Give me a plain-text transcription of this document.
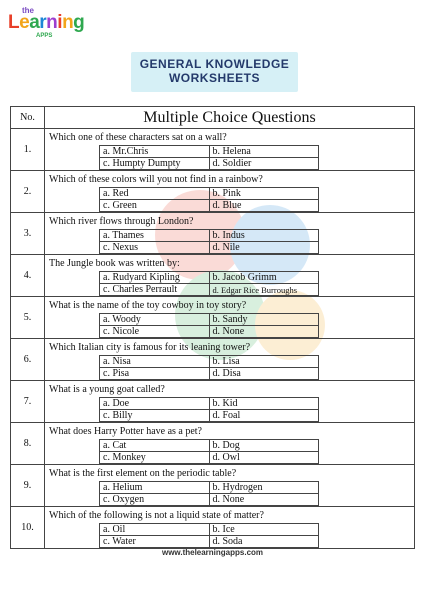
the
Learning
APPS
GENERAL KNOWLEDGE
WORKSHEETS
No.	Multiple Choice Questions
1.	
Which one of these characters sat on a wall?
a. Mr.Chris	b. Helena
c. Humpty Dumpty	d. Soldier

2.	
Which of these colors will you not find in a rainbow?
a. Red	b. Pink
c. Green	d. Blue

3.	
Which river flows through London?
a. Thames	b. Indus
c. Nexus	d. Nile

4.	
The Jungle book was written by:
a. Rudyard Kipling	b. Jacob Grimm
c. Charles Perrault	d. Edgar Rice Burroughs

5.	
What is the name of the toy cowboy in toy story?
a. Woody	b. Sandy
c. Nicole	d. None

6.	
Which Italian city is famous for its leaning tower?
a. Nisa	b. Lisa
c. Pisa	d. Disa

7.	
What is a young goat called?
a. Doe	b. Kid
c. Billy	d. Foal

8.	
What does Harry Potter have as a pet?
a. Cat	b. Dog
c. Monkey	d. Owl

9.	
What is the first element on the periodic table?
a. Helium	b. Hydrogen
c. Oxygen	d. None

10.	
Which of the following is not a liquid state of matter?
a. Oil	b. Ice
c. Water	d. Soda
www.thelearningapps.com
